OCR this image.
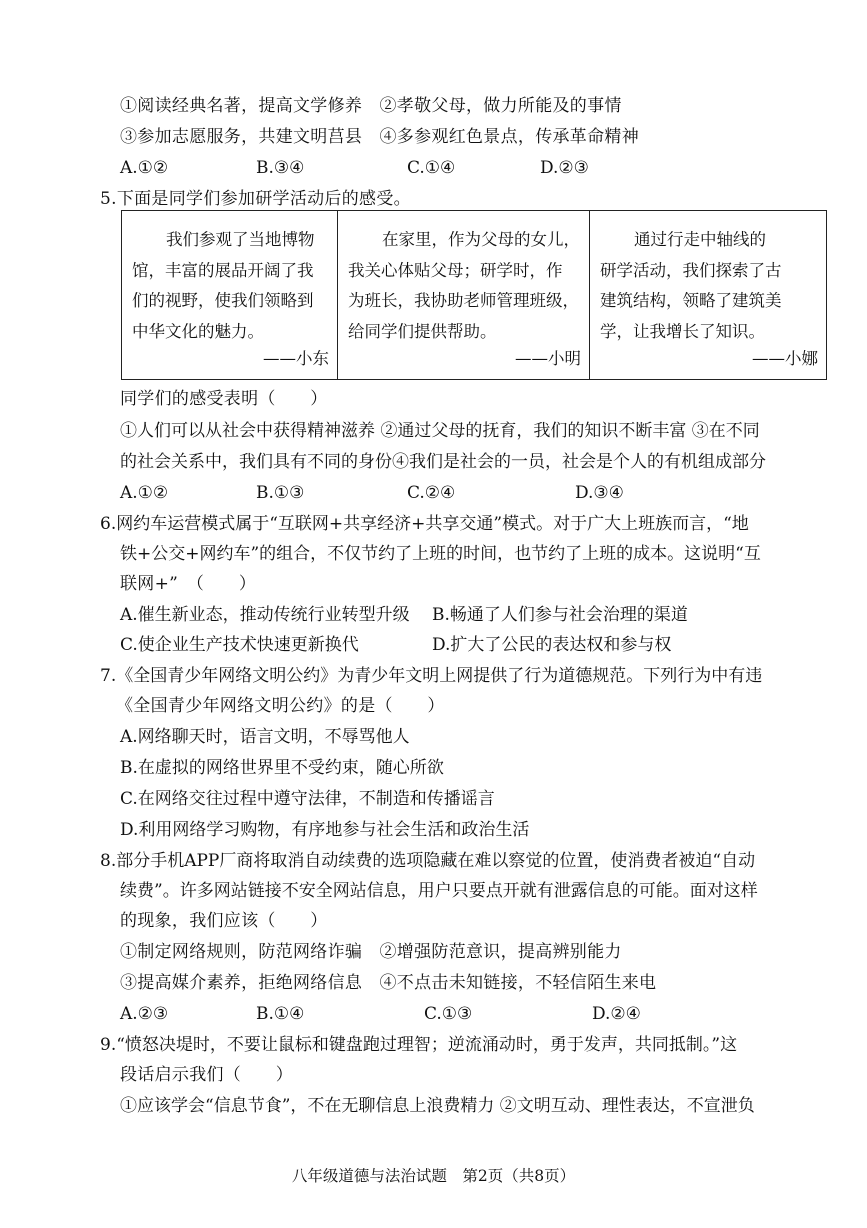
①阅读经典名著，提高文学修养　②孝敬父母，做力所能及的事情
③参加志愿服务，共建文明莒县　④多参观红色景点，传承革命精神
A.①②	B.③④	C.①④	D.②③
5.下面是同学们参加研学活动后的感受。
我们参观了当地博物
馆，丰富的展品开阔了我
们的视野，使我们领略到
中华文化的魅力。
——小东

在家里，作为父母的女儿，
我关心体贴父母；研学时，作
为班长，我协助老师管理班级，
给同学们提供帮助。
——小明

通过行走中轴线的
研学活动，我们探索了古
建筑结构，领略了建筑美
学，让我增长了知识。
——小娜
同学们的感受表明（　　）
①人们可以从社会中获得精神滋养 ②通过父母的抚育，我们的知识不断丰富 ③在不同
的社会关系中，我们具有不同的身份④我们是社会的一员，社会是个人的有机组成部分
A.①②	B.①③	C.②④	D.③④
6.网约车运营模式属于“互联网+共享经济+共享交通”模式。对于广大上班族而言，“地
铁+公交+网约车”的组合，不仅节约了上班的时间，也节约了上班的成本。这说明“互
联网+”　（　　）
A.催生新业态，推动传统行业转型升级 B.畅通了人们参与社会治理的渠道
C.使企业生产技术快速更新换代	D.扩大了公民的表达权和参与权
7.《全国青少年网络文明公约》为青少年文明上网提供了行为道德规范。下列行为中有违
《全国青少年网络文明公约》的是（　　）
A.网络聊天时，语言文明，不辱骂他人
B.在虚拟的网络世界里不受约束，随心所欲
C.在网络交往过程中遵守法律，不制造和传播谣言
D.利用网络学习购物，有序地参与社会生活和政治生活
8.部分手机APP厂商将取消自动续费的选项隐藏在难以察觉的位置，使消费者被迫“自动
续费”。许多网站链接不安全网站信息，用户只要点开就有泄露信息的可能。面对这样
的现象，我们应该（　　）
①制定网络规则，防范网络诈骗　②增强防范意识，提高辨别能力
③提高媒介素养，拒绝网络信息　④不点击未知链接，不轻信陌生来电
A.②③	B.①④	C.①③	D.②④
9.“愤怒决堤时，不要让鼠标和键盘跑过理智；逆流涌动时，勇于发声，共同抵制。”这
段话启示我们（　　）
①应该学会“信息节食”，不在无聊信息上浪费精力 ②文明互动、理性表达，不宣泄负
八年级道德与法治试题　第2页（共8页）
